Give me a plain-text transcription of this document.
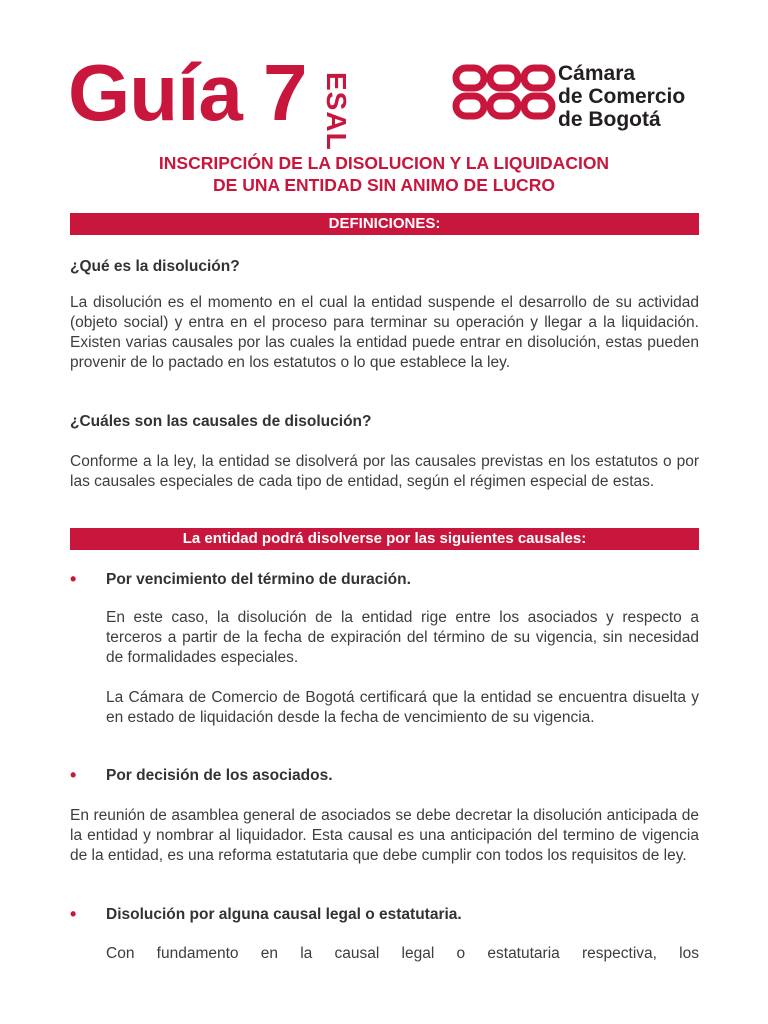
Guía 7 ESAL	Cámara
de Comercio
de Bogotá
INSCRIPCIÓN DE LA DISOLUCION Y LA LIQUIDACION
DE UNA ENTIDAD SIN ANIMO DE LUCRO
DEFINICIONES:
¿Qué es la disolución?
La disolución es el momento en el cual la entidad suspende el desarrollo de su actividad (objeto social) y entra en el proceso para terminar su operación y llegar a la liquidación. Existen varias causales por las cuales la entidad puede entrar en disolución, estas pueden provenir de lo pactado en los estatutos o lo que establece la ley.
¿Cuáles son las causales de disolución?
Conforme a la ley, la entidad se disolverá por las causales previstas en los estatutos o por las causales especiales de cada tipo de entidad, según el régimen especial de estas.
La entidad podrá disolverse por las siguientes causales:
• Por vencimiento del término de duración.
En este caso, la disolución de la entidad rige entre los asociados y respecto a terceros a partir de la fecha de expiración del término de su vigencia, sin necesidad de formalidades especiales.
La Cámara de Comercio de Bogotá certificará que la entidad se encuentra disuelta y en estado de liquidación desde la fecha de vencimiento de su vigencia.
• Por decisión de los asociados.
En reunión de asamblea general de asociados se debe decretar la disolución anticipada de la entidad y nombrar al liquidador. Esta causal es una anticipación del termino de vigencia de la entidad, es una reforma estatutaria que debe cumplir con todos los requisitos de ley.
• Disolución por alguna causal legal o estatutaria.
Con fundamento en la causal legal o estatutaria respectiva, los
